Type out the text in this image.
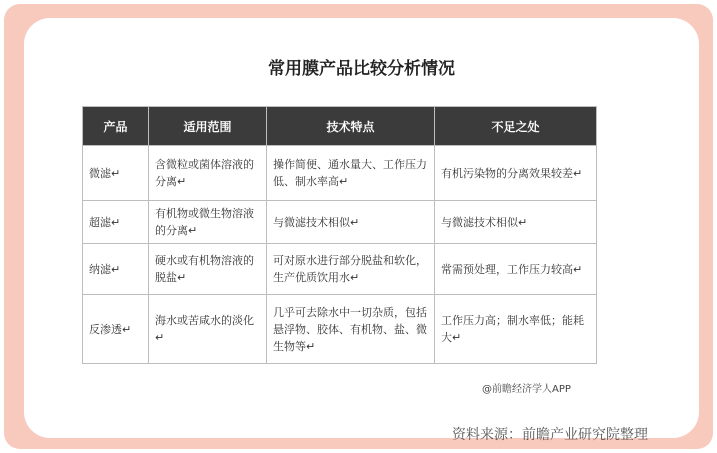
常用膜产品比较分析情况
产品	适用范围	技术特点	不足之处
微滤↵	含微粒或菌体溶液的分离↵	操作简便、通水量大、工作压力低、制水率高↵	有机污染物的分离效果较差↵
超滤↵	有机物或微生物溶液的分离↵	与微滤技术相似↵	与微滤技术相似↵
纳滤↵	硬水或有机物溶液的脱盐↵	可对原水进行部分脱盐和软化，生产优质饮用水↵	常需预处理，工作压力较高↵
反渗透↵	海水或苦咸水的淡化↵	几乎可去除水中一切杂质，包括悬浮物、胶体、有机物、盐、微生物等↵	工作压力高；制水率低；能耗大↵
@前瞻经济学人APP
资料来源：前瞻产业研究院整理
